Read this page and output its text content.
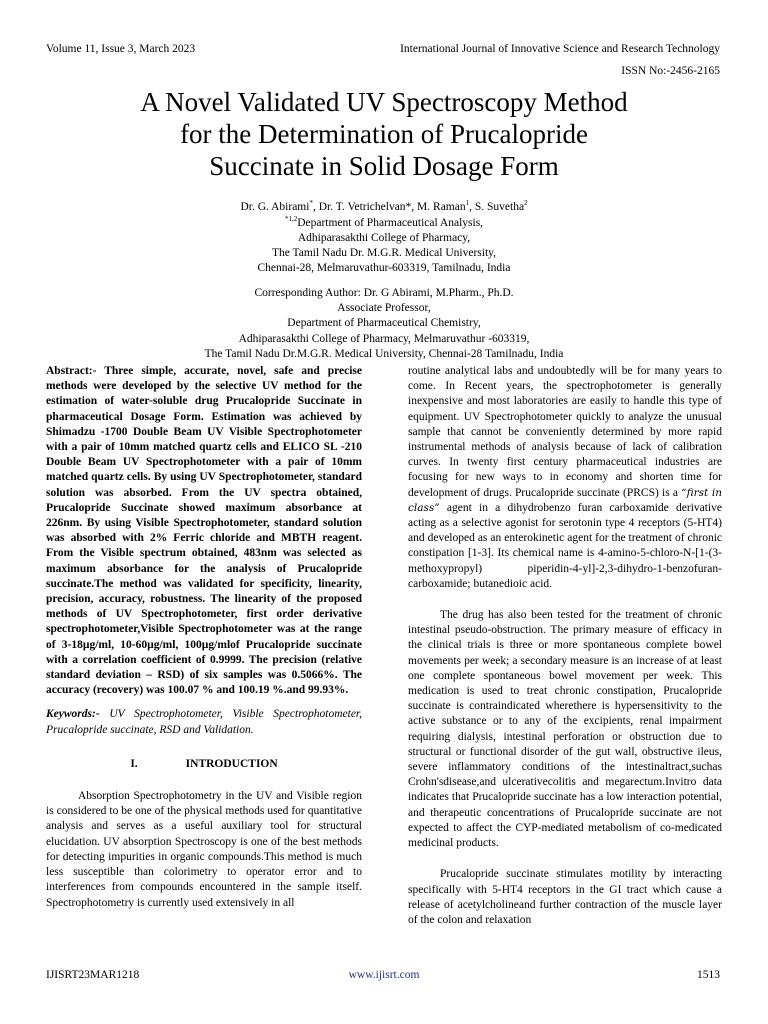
Volume 11, Issue 3, March 2023	International Journal of Innovative Science and Research Technology
ISSN No:-2456-2165
A Novel Validated UV Spectroscopy Method
for the Determination of Prucalopride
Succinate in Solid Dosage Form
Dr. G. Abirami*, Dr. T. Vetrichelvan*, M. Raman$^1$, S. Suvetha$^2$
$^{*1,2}$Department of Pharmaceutical Analysis,
Adhiparasakthi College of Pharmacy,
The Tamil Nadu Dr. M.G.R. Medical University,
Chennai-28, Melmaruvathur-603319, Tamilnadu, India
Corresponding Author: Dr. G Abirami, M.Pharm., Ph.D.
Associate Professor,
Department of Pharmaceutical Chemistry,
Adhiparasakthi College of Pharmacy, Melmaruvathur -603319,
The Tamil Nadu Dr.M.G.R. Medical University, Chennai-28 Tamilnadu, India
Abstract:- Three simple, accurate, novel, safe and precise methods were developed by the selective UV method for the estimation of water-soluble drug Prucalopride Succinate in pharmaceutical Dosage Form. Estimation was achieved by Shimadzu -1700 Double Beam UV Visible Spectrophotometer with a pair of 10mm matched quartz cells and ELICO SL -210 Double Beam UV Spectrophotometer with a pair of 10mm matched quartz cells. By using UV Spectrophotometer, standard solution was absorbed. From the UV spectra obtained, Prucalopride Succinate showed maximum absorbance at 226nm. By using Visible Spectrophotometer, standard solution was absorbed with 2% Ferric chloride and MBTH reagent. From the Visible spectrum obtained, 483nm was selected as maximum absorbance for the analysis of Prucalopride succinate.The method was validated for specificity, linearity, precision, accuracy, robustness. The linearity of the proposed methods of UV Spectrophotometer, first order derivative spectrophotometer,Visible Spectrophotometer was at the range of 3-18µg/ml, 10-60µg/ml, 100µg/mlof Prucalopride succinate with a correlation coefficient of 0.9999. The precision (relative standard deviation – RSD) of six samples was 0.5066%. The accuracy (recovery) was 100.07 % and 100.19 %.and 99.93%.
Keywords:- UV Spectrophotometer, Visible Spectrophotometer, Prucalopride succinate, RSD and Validation.
I.	INTRODUCTION
Absorption Spectrophotometry in the UV and Visible region is considered to be one of the physical methods used for quantitative analysis and serves as a useful auxiliary tool for structural elucidation. UV absorption Spectroscopy is one of the best methods for detecting impurities in organic compounds.This method is much less susceptible than colorimetry to operator error and to interferences from compounds encountered in the sample itself. Spectrophotometry is currently used extensively in all
routine analytical labs and undoubtedly will be for many years to come. In Recent years, the spectrophotometer is generally inexpensive and most laboratories are easily to handle this type of equipment. UV Spectrophotometer quickly to analyze the unusual sample that cannot be conveniently determined by more rapid instrumental methods of analysis because of lack of calibration curves. In twenty first century pharmaceutical industries are focusing for new ways to in economy and shorten time for development of drugs. Prucalopride succinate (PRCS) is a “first in class” agent in a dihydrobenzo furan carboxamide derivative acting as a selective agonist for serotonin type 4 receptors (5-HT4) and developed as an enterokinetic agent for the treatment of chronic constipation [1-3]. Its chemical name is 4-amino-5-chloro-N-[1-(3-methoxypropyl) piperidin-4-yl]-2,3-dihydro-1-benzofuran-carboxamide; butanedioic acid.
The drug has also been tested for the treatment of chronic intestinal pseudo-obstruction. The primary measure of efficacy in the clinical trials is three or more spontaneous complete bowel movements per week; a secondary measure is an increase of at least one complete spontaneous bowel movement per week. This medication is used to treat chronic constipation, Prucalopride succinate is contraindicated wherethere is hypersensitivity to the active substance or to any of the excipients, renal impairment requiring dialysis, intestinal perforation or obstruction due to structural or functional disorder of the gut wall, obstructive ileus, severe inflammatory conditions of the intestinaltract,suchas Crohn'sdisease,and ulcerativecolitis and megarectum.Invitro data indicates that Prucalopride succinate has a low interaction potential, and therapeutic concentrations of Prucalopride succinate are not expected to affect the CYP-mediated metabolism of co-medicated medicinal products.
Prucalopride succinate stimulates motility by interacting specifically with 5-HT4 receptors in the GI tract which cause a release of acetylcholineand further contraction of the muscle layer of the colon and relaxation
IJISRT23MAR1218	www.ijisrt.com	1513
